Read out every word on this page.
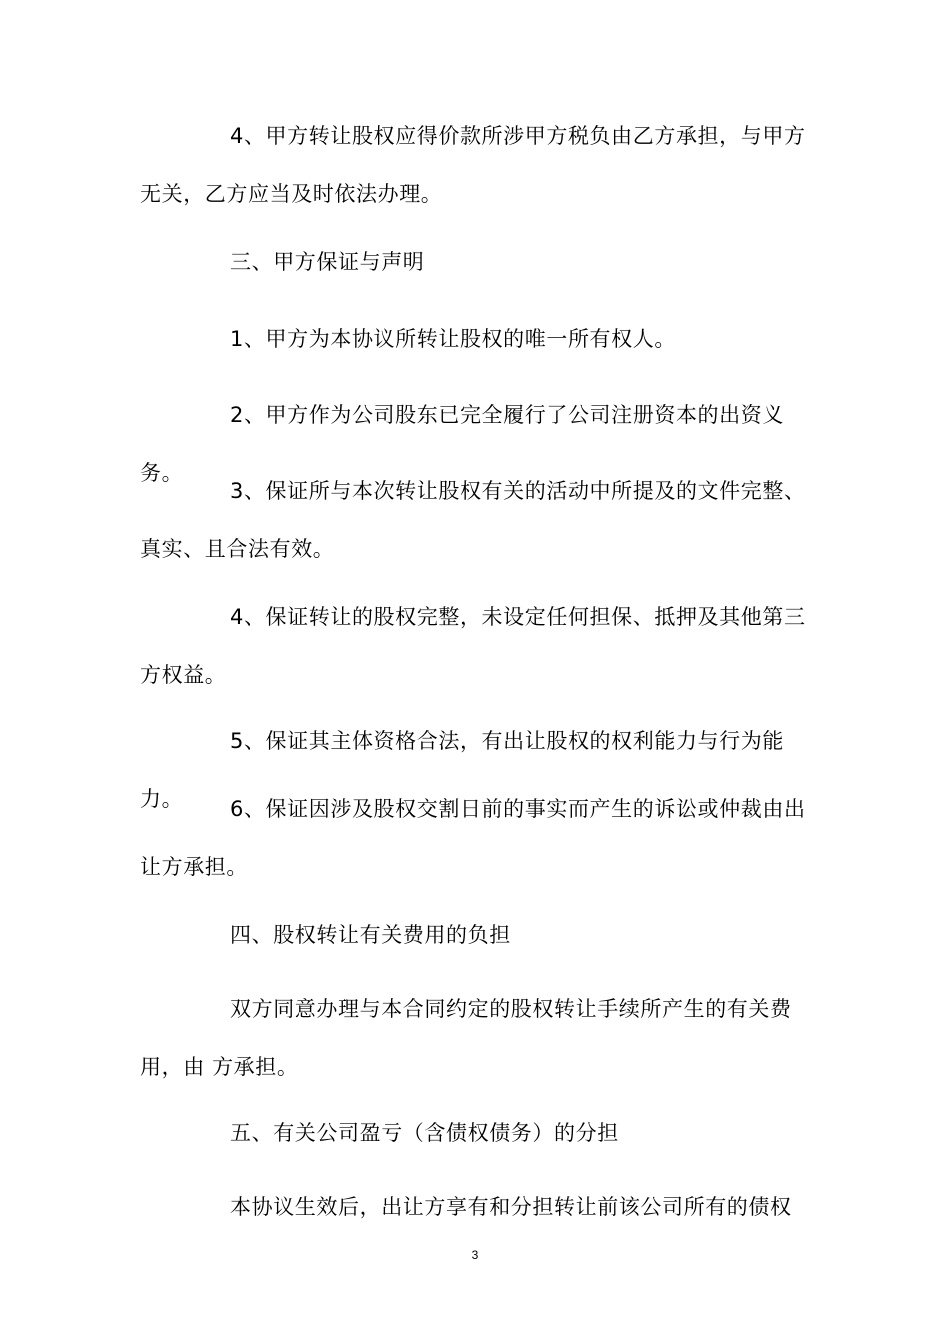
4、甲方转让股权应得价款所涉甲方税负由乙方承担，与甲方无关，乙方应当及时依法办理。

三、甲方保证与声明

1、甲方为本协议所转让股权的唯一所有权人。

2、甲方作为公司股东已完全履行了公司注册资本的出资义务。

3、保证所与本次转让股权有关的活动中所提及的文件完整、真实、且合法有效。

4、保证转让的股权完整，未设定任何担保、抵押及其他第三方权益。

5、保证其主体资格合法，有出让股权的权利能力与行为能力。	6、保证因涉及股权交割日前的事实而产生的诉讼或仲裁由出让方承担。

四、股权转让有关费用的负担

双方同意办理与本合同约定的股权转让手续所产生的有关费用，由 方承担。

五、有关公司盈亏（含债权债务）的分担

本协议生效后，出让方享有和分担转让前该公司所有的债权

3
